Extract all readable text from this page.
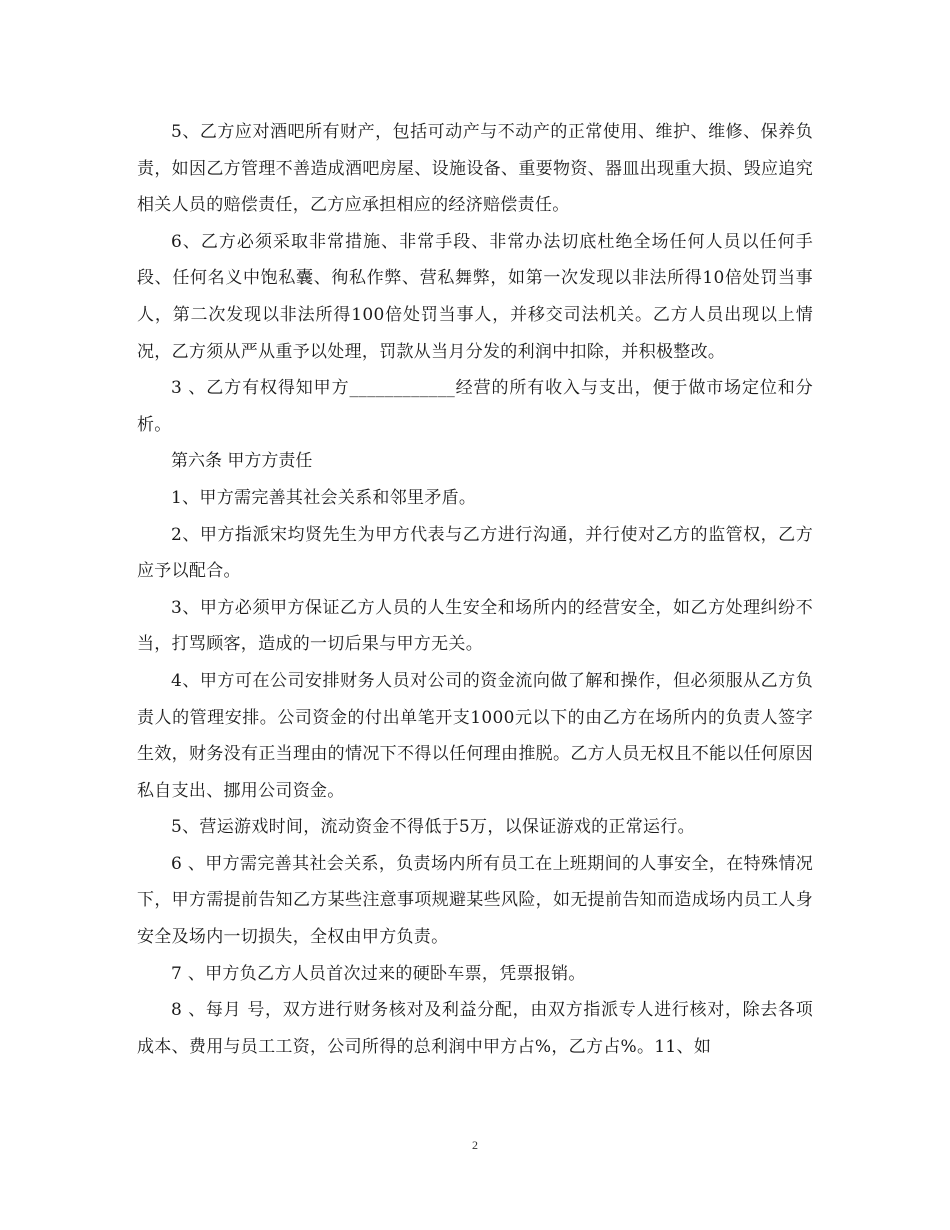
5、乙方应对酒吧所有财产，包括可动产与不动产的正常使用、维护、维修、保养负责，如因乙方管理不善造成酒吧房屋、设施设备、重要物资、器皿出现重大损、毁应追究相关人员的赔偿责任，乙方应承担相应的经济赔偿责任。

6、乙方必须采取非常措施、非常手段、非常办法切底杜绝全场任何人员以任何手段、任何名义中饱私囊、徇私作弊、营私舞弊，如第一次发现以非法所得10倍处罚当事人，第二次发现以非法所得100倍处罚当事人，并移交司法机关。乙方人员出现以上情况，乙方须从严从重予以处理，罚款从当月分发的利润中扣除，并积极整改。

3 、乙方有权得知甲方____________经营的所有收入与支出，便于做市场定位和分析。

第六条 甲方方责任

1、甲方需完善其社会关系和邻里矛盾。

2、甲方指派宋均贤先生为甲方代表与乙方进行沟通，并行使对乙方的监管权，乙方应予以配合。

3、甲方必须甲方保证乙方人员的人生安全和场所内的经营安全，如乙方处理纠纷不当，打骂顾客，造成的一切后果与甲方无关。

4、甲方可在公司安排财务人员对公司的资金流向做了解和操作，但必须服从乙方负责人的管理安排。公司资金的付出单笔开支1000元以下的由乙方在场所内的负责人签字生效，财务没有正当理由的情况下不得以任何理由推脱。乙方人员无权且不能以任何原因私自支出、挪用公司资金。

5、营运游戏时间，流动资金不得低于5万，以保证游戏的正常运行。

6 、甲方需完善其社会关系，负责场内所有员工在上班期间的人事安全，在特殊情况下，甲方需提前告知乙方某些注意事项规避某些风险，如无提前告知而造成场内员工人身安全及场内一切损失，全权由甲方负责。

7 、甲方负乙方人员首次过来的硬卧车票，凭票报销。

8 、每月 号，双方进行财务核对及利益分配，由双方指派专人进行核对，除去各项成本、费用与员工工资，公司所得的总利润中甲方占%，乙方占%。11、如

2
